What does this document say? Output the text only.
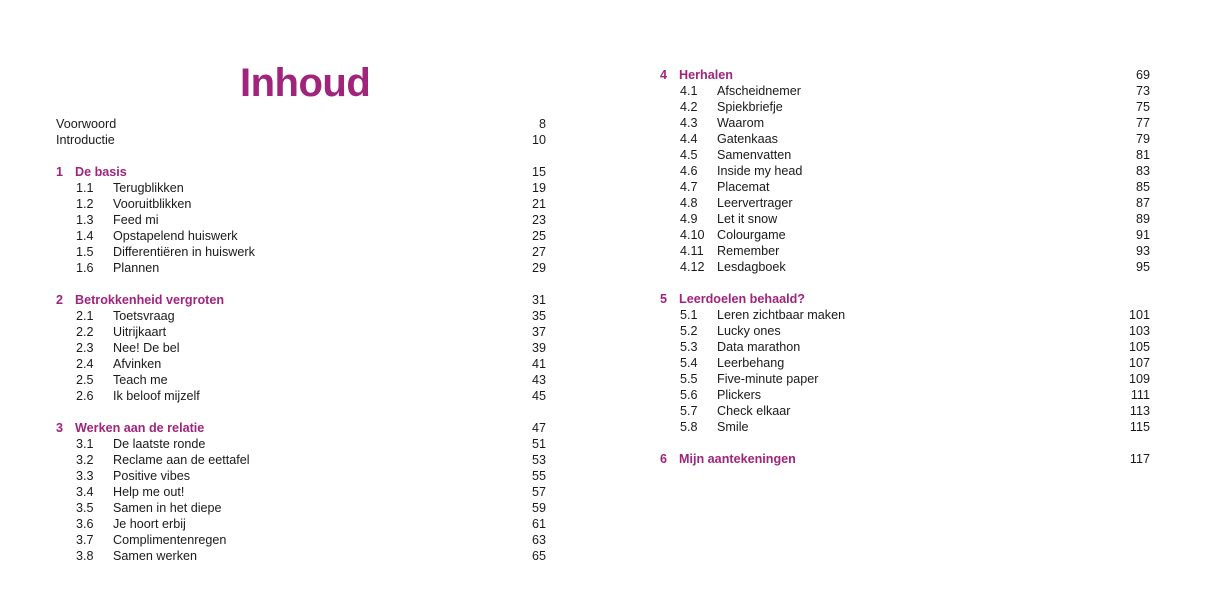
Inhoud
Voorwoord	8
Introductie	10
1 De basis	15
1.1 Terugblikken	19
1.2 Vooruitblikken	21
1.3 Feed mi	23
1.4 Opstapelend huiswerk	25
1.5 Differentiëren in huiswerk	27
1.6 Plannen	29
2 Betrokkenheid vergroten	31
2.1 Toetsvraag	35
2.2 Uitrijkaart	37
2.3 Nee! De bel	39
2.4 Afvinken	41
2.5 Teach me	43
2.6 Ik beloof mijzelf	45
3 Werken aan de relatie	47
3.1 De laatste ronde	51
3.2 Reclame aan de eettafel	53
3.3 Positive vibes	55
3.4 Help me out!	57
3.5 Samen in het diepe	59
3.6 Je hoort erbij	61
3.7 Complimentenregen	63
3.8 Samen werken	65
4 Herhalen	69
4.1 Afscheidnemer	73
4.2 Spiekbriefje	75
4.3 Waarom	77
4.4 Gatenkaas	79
4.5 Samenvatten	81
4.6 Inside my head	83
4.7 Placemat	85
4.8 Leervertrager	87
4.9 Let it snow	89
4.10 Colourgame	91
4.11 Remember	93
4.12 Lesdagboek	95
5 Leerdoelen behaald?
5.1 Leren zichtbaar maken	101
5.2 Lucky ones	103
5.3 Data marathon	105
5.4 Leerbehang	107
5.5 Five-minute paper	109
5.6 Plickers	111
5.7 Check elkaar	113
5.8 Smile	115
6 Mijn aantekeningen	117
